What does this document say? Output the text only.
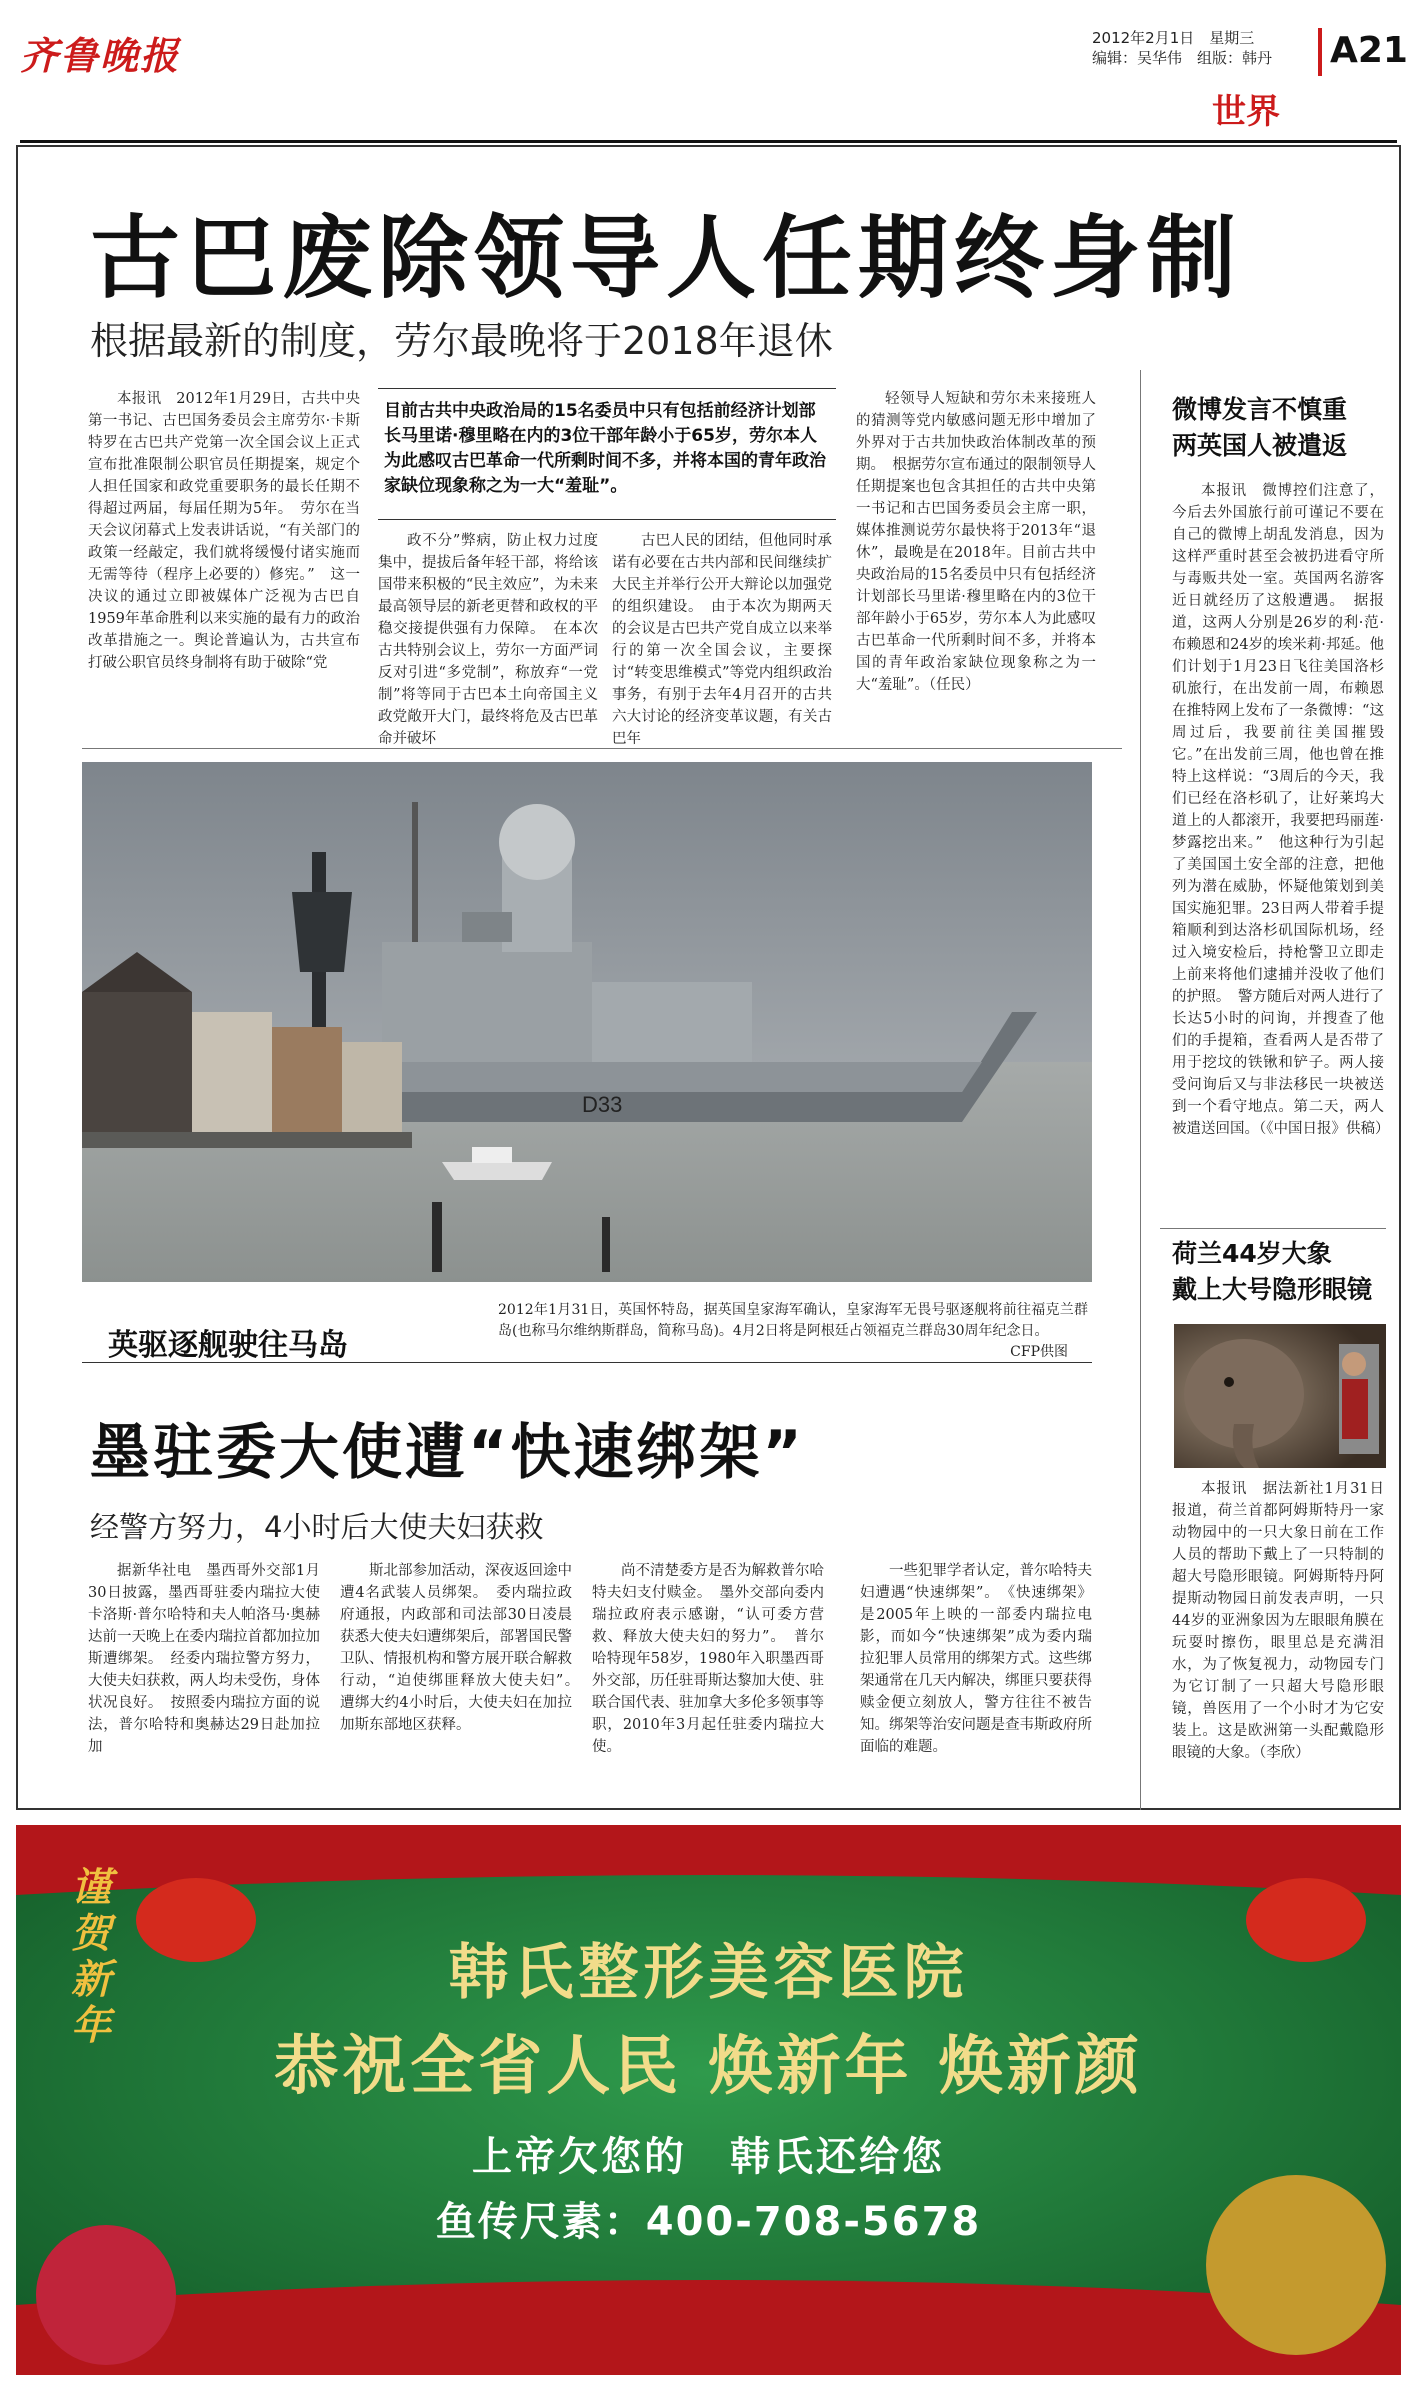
齐鲁晚报	2012年2月1日　星期三
编辑：吴华伟　组版：韩丹	A21
世界
古巴废除领导人任期终身制
根据最新的制度，劳尔最晚将于2018年退休

本报讯　2012年1月29日，古共中央第一书记、古巴国务委员会主席劳尔·卡斯特罗在古巴共产党第一次全国会议上正式宣布批准限制公职官员任期提案，规定个人担任国家和政党重要职务的最长任期不得超过两届，每届任期为5年。　劳尔在当天会议闭幕式上发表讲话说，“有关部门的政策一经敲定，我们就将缓慢付诸实施而无需等待（程序上必要的）修宪。”　这一决议的通过立即被媒体广泛视为古巴自1959年革命胜利以来实施的最有力的政治改革措施之一。舆论普遍认为，古共宣布打破公职官员终身制将有助于破除“党

目前古共中央政治局的15名委员中只有包括前经济计划部长马里诺·穆里略在内的3位干部年龄小于65岁，劳尔本人为此感叹古巴革命一代所剩时间不多，并将本国的青年政治家缺位现象称之为一大“羞耻”。

政不分”弊病，防止权力过度集中，提拔后备年轻干部，将给该国带来积极的“民主效应”，为未来最高领导层的新老更替和政权的平稳交接提供强有力保障。　在本次古共特别会议上，劳尔一方面严词反对引进“多党制”，称放弃“一党制”将等同于古巴本土向帝国主义政党敞开大门，最终将危及古巴革命并破坏

古巴人民的团结，但他同时承诺有必要在古共内部和民间继续扩大民主并举行公开大辩论以加强党的组织建设。　由于本次为期两天的会议是古巴共产党自成立以来举行的第一次全国会议，主要探讨“转变思维模式”等党内组织政治事务，有别于去年4月召开的古共六大讨论的经济变革议题，有关古巴年

轻领导人短缺和劳尔未来接班人的猜测等党内敏感问题无形中增加了外界对于古共加快政治体制改革的预期。　根据劳尔宣布通过的限制领导人任期提案也包含其担任的古共中央第一书记和古巴国务委员会主席一职，媒体推测说劳尔最快将于2013年“退休”，最晚是在2018年。目前古共中央政治局的15名委员中只有包括经济计划部长马里诺·穆里略在内的3位干部年龄小于65岁，劳尔本人为此感叹古巴革命一代所剩时间不多，并将本国的青年政治家缺位现象称之为一大“羞耻”。（任民）

微博发言不慎重
两英国人被遣返

本报讯　微博控们注意了，今后去外国旅行前可谨记不要在自己的微博上胡乱发消息，因为这样严重时甚至会被扔进看守所与毒贩共处一室。英国两名游客近日就经历了这般遭遇。　据报道，这两人分别是26岁的利·范·布赖恩和24岁的埃米莉·邦延。他们计划于1月23日飞往美国洛杉矶旅行，在出发前一周，布赖恩在推特网上发布了一条微博：“这周过后，我要前往美国摧毁它。”在出发前三周，他也曾在推特上这样说：“3周后的今天，我们已经在洛杉矶了，让好莱坞大道上的人都滚开，我要把玛丽莲·梦露挖出来。”　他这种行为引起了美国国土安全部的注意，把他列为潜在威胁，怀疑他策划到美国实施犯罪。23日两人带着手提箱顺利到达洛杉矶国际机场，经过入境安检后，持枪警卫立即走上前来将他们逮捕并没收了他们的护照。　警方随后对两人进行了长达5小时的问询，并搜查了他们的手提箱，查看两人是否带了用于挖坟的铁锹和铲子。两人接受问询后又与非法移民一块被送到一个看守地点。第二天，两人被遣送回国。（《中国日报》供稿）

荷兰44岁大象
戴上大号隐形眼镜

本报讯　据法新社1月31日报道，荷兰首都阿姆斯特丹一家动物园中的一只大象日前在工作人员的帮助下戴上了一只特制的超大号隐形眼镜。阿姆斯特丹阿提斯动物园日前发表声明，一只44岁的亚洲象因为左眼眼角膜在玩耍时擦伤，眼里总是充满泪水，为了恢复视力，动物园专门为它订制了一只超大号隐形眼镜，兽医用了一个小时才为它安装上。这是欧洲第一头配戴隐形眼镜的大象。（李欣）

D33
英驱逐舰驶往马岛
2012年1月31日，英国怀特岛，据英国皇家海军确认，皇家海军无畏号驱逐舰将前往福克兰群岛(也称马尔维纳斯群岛，简称马岛)。4月2日将是阿根廷占领福克兰群岛30周年纪念日。
CFP供图
墨驻委大使遭“快速绑架”
经警方努力，4小时后大使夫妇获救

据新华社电　墨西哥外交部1月30日披露，墨西哥驻委内瑞拉大使卡洛斯·普尔哈特和夫人帕洛马·奥赫达前一天晚上在委内瑞拉首都加拉加斯遭绑架。　经委内瑞拉警方努力，大使夫妇获救，两人均未受伤，身体状况良好。　按照委内瑞拉方面的说法，普尔哈特和奥赫达29日赴加拉加

斯北部参加活动，深夜返回途中遭4名武装人员绑架。　委内瑞拉政府通报，内政部和司法部30日凌晨获悉大使夫妇遭绑架后，部署国民警卫队、情报机构和警方展开联合解救行动，“迫使绑匪释放大使夫妇”。　遭绑大约4小时后，大使夫妇在加拉加斯东部地区获释。

尚不清楚委方是否为解救普尔哈特夫妇支付赎金。　墨外交部向委内瑞拉政府表示感谢，“认可委方营救、释放大使夫妇的努力”。　普尔哈特现年58岁，1980年入职墨西哥外交部，历任驻哥斯达黎加大使、驻联合国代表、驻加拿大多伦多领事等职，2010年3月起任驻委内瑞拉大使。

一些犯罪学者认定，普尔哈特夫妇遭遇“快速绑架”。　《快速绑架》是2005年上映的一部委内瑞拉电影，而如今“快速绑架”成为委内瑞拉犯罪人员常用的绑架方式。这些绑架通常在几天内解决，绑匪只要获得赎金便立刻放人，警方往往不被告知。绑架等治安问题是查韦斯政府所面临的难题。

谨贺新年
韩氏整形美容医院
恭祝全省人民 焕新年 焕新颜
上帝欠您的　韩氏还给您
鱼传尺素：400-708-5678
